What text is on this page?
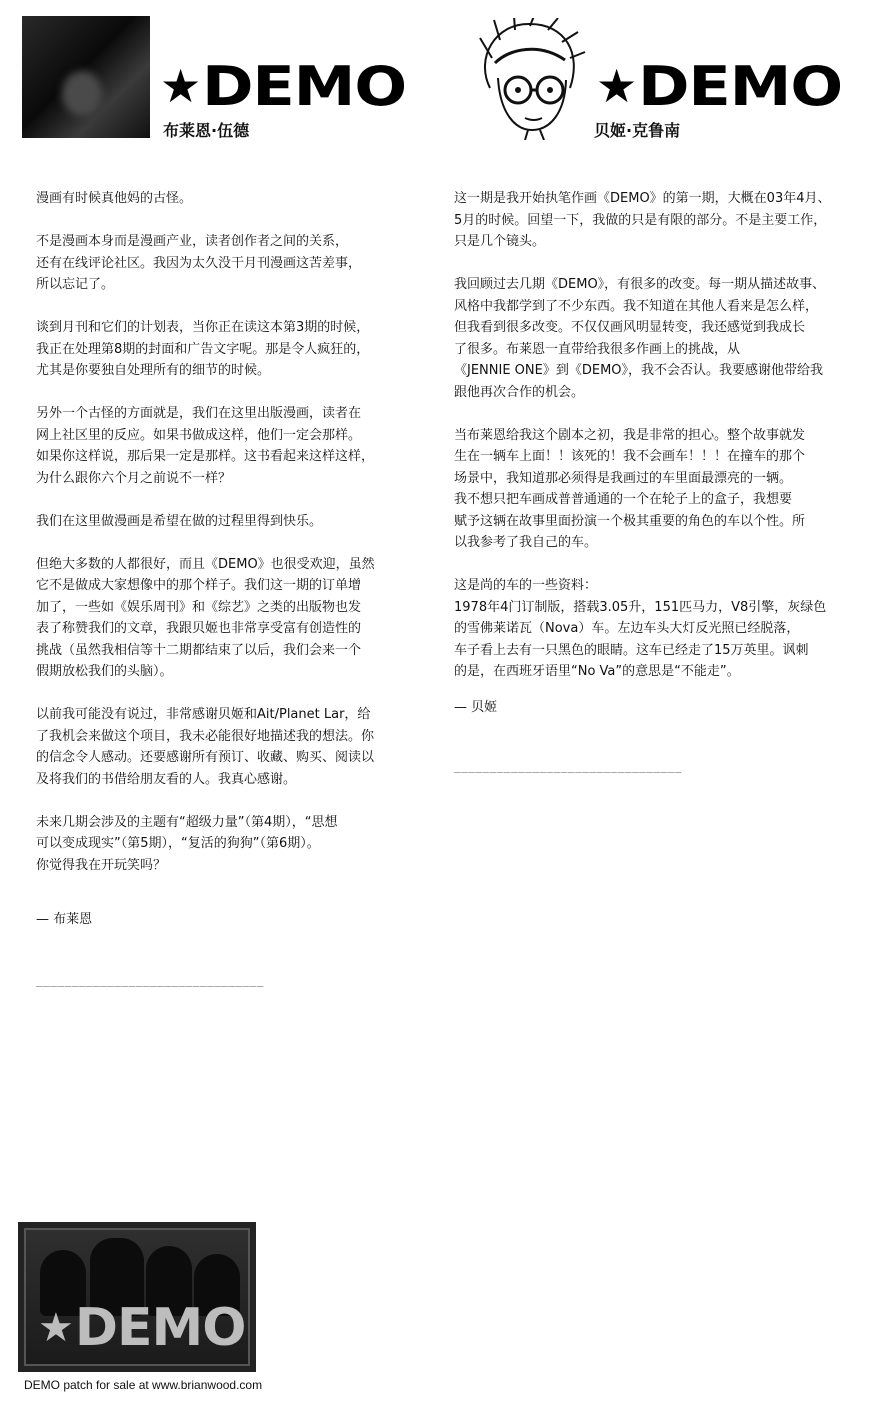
★ DEMO
布莱恩·伍德
★ DEMO
贝姬·克鲁南

漫画有时候真他妈的古怪。

不是漫画本身而是漫画产业，读者创作者之间的关系，
还有在线评论社区。我因为太久没干月刊漫画这苦差事，
所以忘记了。

谈到月刊和它们的计划表，当你正在读这本第3期的时候，
我正在处理第8期的封面和广告文字呢。那是令人疯狂的，
尤其是你要独自处理所有的细节的时候。

另外一个古怪的方面就是，我们在这里出版漫画，读者在
网上社区里的反应。如果书做成这样，他们一定会那样。
如果你这样说，那后果一定是那样。这书看起来这样这样，
为什么跟你六个月之前说不一样？

我们在这里做漫画是希望在做的过程里得到快乐。

但绝大多数的人都很好，而且《DEMO》也很受欢迎，虽然
它不是做成大家想像中的那个样子。我们这一期的订单增
加了，一些如《娱乐周刊》和《综艺》之类的出版物也发
表了称赞我们的文章，我跟贝姬也非常享受富有创造性的
挑战（虽然我相信等十二期都结束了以后，我们会来一个
假期放松我们的头脑）。

以前我可能没有说过，非常感谢贝姬和Ait/Planet Lar，给
了我机会来做这个项目，我未必能很好地描述我的想法。你
的信念令人感动。还要感谢所有预订、收藏、购买、阅读以
及将我们的书借给朋友看的人。我真心感谢。

未来几期会涉及的主题有“超级力量”（第4期），“思想
可以变成现实”（第5期），“复活的狗狗”（第6期）。
你觉得我在开玩笑吗？

— 布莱恩
________________________________

这一期是我开始执笔作画《DEMO》的第一期，大概在03年4月、
5月的时候。回望一下，我做的只是有限的部分。不是主要工作，
只是几个镜头。

我回顾过去几期《DEMO》，有很多的改变。每一期从描述故事、
风格中我都学到了不少东西。我不知道在其他人看来是怎么样，
但我看到很多改变。不仅仅画风明显转变，我还感觉到我成长
了很多。布莱恩一直带给我很多作画上的挑战，从
《JENNIE ONE》到《DEMO》，我不会否认。我要感谢他带给我
跟他再次合作的机会。

当布莱恩给我这个剧本之初，我是非常的担心。整个故事就发
生在一辆车上面！！该死的！我不会画车！！！在撞车的那个
场景中，我知道那必须得是我画过的车里面最漂亮的一辆。
我不想只把车画成普普通通的一个在轮子上的盒子，我想要
赋予这辆在故事里面扮演一个极其重要的角色的车以个性。所
以我参考了我自己的车。

这是尚的车的一些资料：
1978年4门订制版，搭载3.05升，151匹马力，V8引擎，灰绿色
的雪佛莱诺瓦（Nova）车。左边车头大灯反光照已经脱落，
车子看上去有一只黑色的眼睛。这车已经走了15万英里。讽刺
的是，在西班牙语里“No Va”的意思是“不能走”。

— 贝姬
________________________________
★ DEMO
DEMO patch for sale at www.brianwood.com
